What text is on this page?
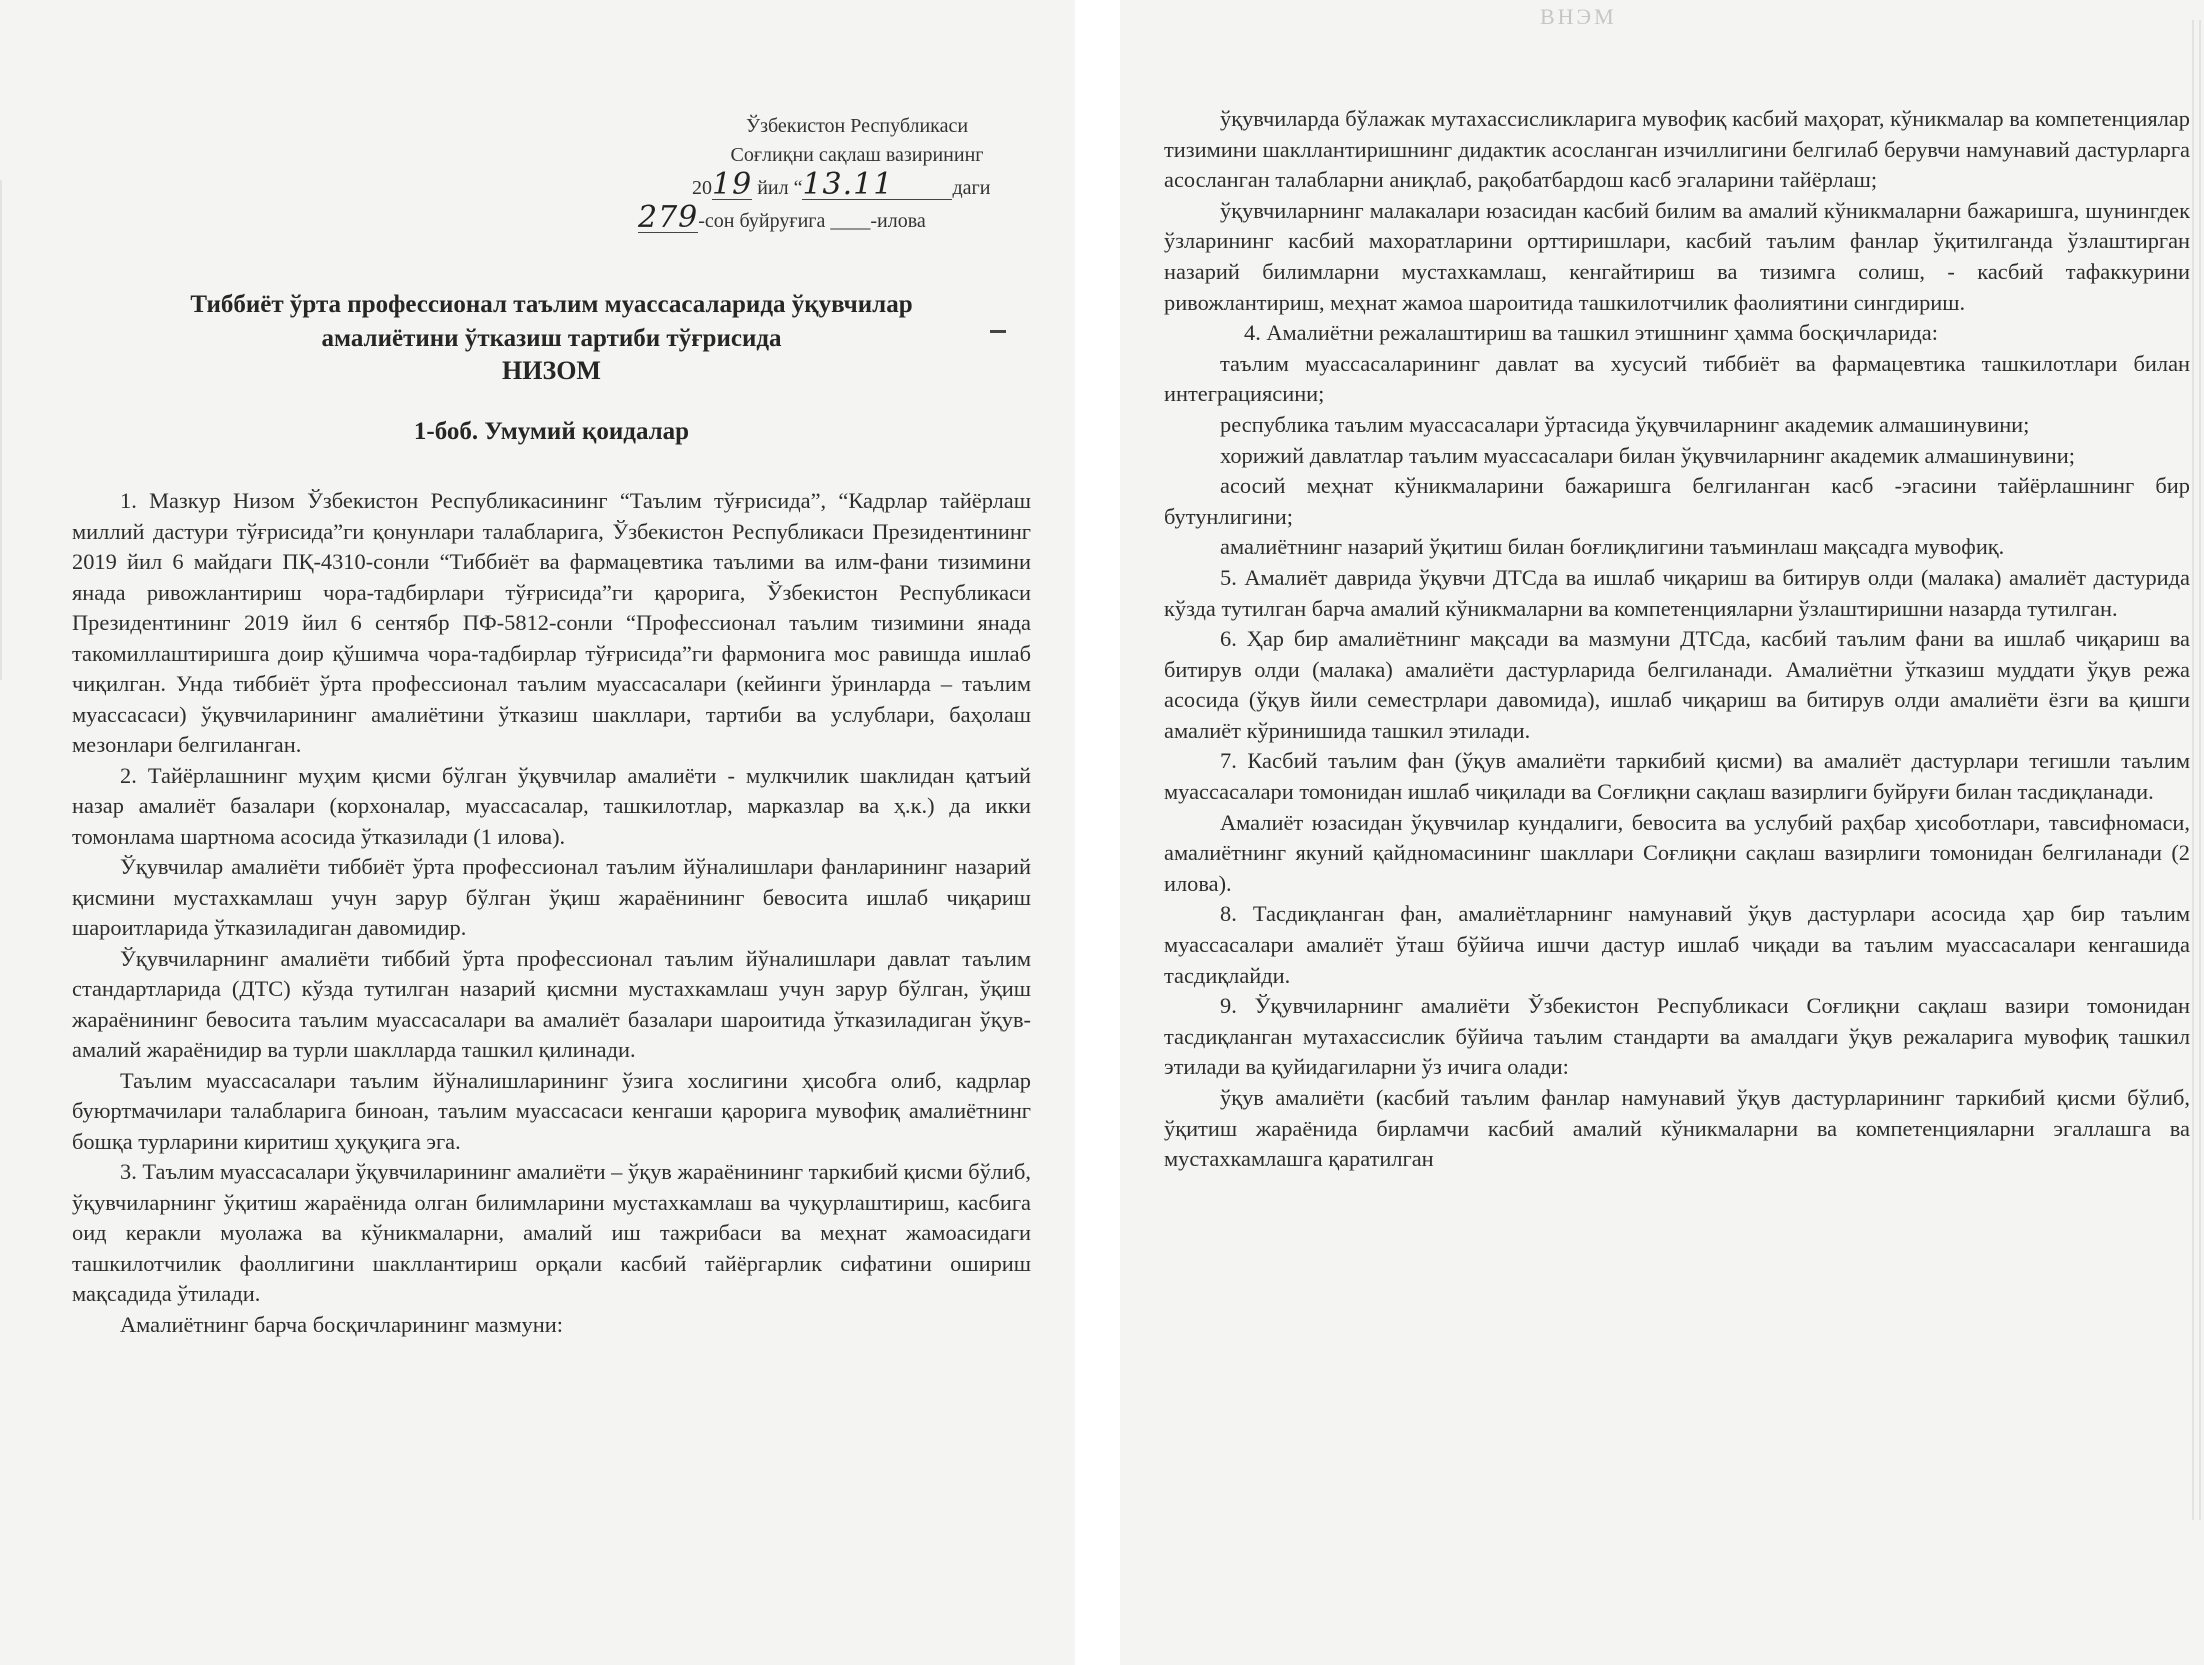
Ўзбекистон Республикаси
Соғлиқни сақлаш вазирининг
2019 йил “13.11	даги
279-сон буйруғига ____-илова
Тиббиёт ўрта профессионал таълим муассасаларида ўқувчилар
амалиётини ўтказиш тартиби тўғрисида
НИЗОМ
1-боб. Умумий қоидалар

1. Мазкур Низом Ўзбекистон Республикасининг “Таълим тўғрисида”, “Кадрлар тайёрлаш миллий дастури тўғрисида”ги қонунлари талабларига, Ўзбекистон Республикаси Президентининг 2019 йил 6 майдаги ПҚ-4310-сонли “Тиббиёт ва фармацевтика таълими ва илм-фани тизимини янада ривожлантириш чора-тадбирлари тўғрисида”ги қарорига, Ўзбекистон Республикаси Президентининг 2019 йил 6 сентябр ПФ-5812-сонли “Профессионал таълим тизимини янада такомиллаштиришга доир қўшимча чора-тадбирлар тўғрисида”ги фармонига мос равишда ишлаб чиқилган. Унда тиббиёт ўрта профессионал таълим муассасалари (кейинги ўринларда – таълим муассасаси) ўқувчиларининг амалиётини ўтказиш шакллари, тартиби ва услублари, баҳолаш мезонлари белгиланган.

2. Тайёрлашнинг муҳим қисми бўлган ўқувчилар амалиёти - мулкчилик шаклидан қатъий назар амалиёт базалари (корхоналар, муассасалар, ташкилотлар, марказлар ва ҳ.к.) да икки томонлама шартнома асосида ўтказилади (1 илова).

Ўқувчилар амалиёти тиббиёт ўрта профессионал таълим йўналишлари фанларининг назарий қисмини мустахкамлаш учун зарур бўлган ўқиш жараёнининг бевосита ишлаб чиқариш шароитларида ўтказиладиган давомидир.

Ўқувчиларнинг амалиёти тиббий ўрта профессионал таълим йўналишлари давлат таълим стандартларида (ДТС) кўзда тутилган назарий қисмни мустахкамлаш учун зарур бўлган, ўқиш жараёнининг бевосита таълим муассасалари ва амалиёт базалари шароитида ўтказиладиган ўқув-амалий жараёнидир ва турли шаклларда ташкил қилинади.

Таълим муассасалари таълим йўналишларининг ўзига хослигини ҳисобга олиб, кадрлар буюртмачилари талабларига биноан, таълим муассасаси кенгаши қарорига мувофиқ амалиётнинг бошқа турларини киритиш ҳуқуқига эга.

3. Таълим муассасалари ўқувчиларининг амалиёти – ўқув жараёнининг таркибий қисми бўлиб, ўқувчиларнинг ўқитиш жараёнида олган билимларини мустахкамлаш ва чуқурлаштириш, касбига оид керакли муолажа ва кўникмаларни, амалий иш тажрибаси ва меҳнат жамоасидаги ташкилотчилик фаоллигини шакллантириш орқали касбий тайёргарлик сифатини ошириш мақсадида ўтилади.

Амалиётнинг барча босқичларининг мазмуни:

ВНЭМ

ўқувчиларда бўлажак мутахассисликларига мувофиқ касбий маҳорат, кўникмалар ва компетенциялар тизимини шакллантиришнинг дидактик асосланган изчиллигини белгилаб берувчи намунавий дастурларга асосланган талабларни аниқлаб, рақобатбардош касб эгаларини тайёрлаш;

ўқувчиларнинг малакалари юзасидан касбий билим ва амалий кўникмаларни бажаришга, шунингдек ўзларининг касбий махоратларини орттиришлари, касбий таълим фанлар ўқитилганда ўзлаштирган назарий билимларни мустахкамлаш, кенгайтириш ва тизимга солиш, - касбий тафаккурини ривожлантириш, меҳнат жамоа шароитида ташкилотчилик фаолиятини сингдириш.

4. Амалиётни режалаштириш ва ташкил этишнинг ҳамма босқичларида:

таълим муассасаларининг давлат ва хусусий тиббиёт ва фармацевтика ташкилотлари билан интеграциясини;

республика таълим муассасалари ўртасида ўқувчиларнинг академик алмашинувини;

хорижий давлатлар таълим муассасалари билан ўқувчиларнинг академик алмашинувини;

асосий меҳнат кўникмаларини бажаришга белгиланган касб -эгасини тайёрлашнинг бир бутунлигини;

амалиётнинг назарий ўқитиш билан боғлиқлигини таъминлаш мақсадга мувофиқ.

5. Амалиёт даврида ўқувчи ДТСда ва ишлаб чиқариш ва битирув олди (малака) амалиёт дастурида кўзда тутилган барча амалий кўникмаларни ва компетенцияларни ўзлаштиришни назарда тутилган.

6. Ҳар бир амалиётнинг мақсади ва мазмуни ДТСда, касбий таълим фани ва ишлаб чиқариш ва битирув олди (малака) амалиёти дастурларида белгиланади. Амалиётни ўтказиш муддати ўқув режа асосида (ўқув йили семестрлари давомида), ишлаб чиқариш ва битирув олди амалиёти ёзги ва қишги амалиёт кўринишида ташкил этилади.

7. Касбий таълим фан (ўқув амалиёти таркибий қисми) ва амалиёт дастурлари тегишли таълим муассасалари томонидан ишлаб чиқилади ва Соғлиқни сақлаш вазирлиги буйруғи билан тасдиқланади.

Амалиёт юзасидан ўқувчилар кундалиги, бевосита ва услубий раҳбар ҳисоботлари, тавсифномаси, амалиётнинг якуний қайдномасининг шакллари Соғлиқни сақлаш вазирлиги томонидан белгиланади (2 илова).

8. Тасдиқланган фан, амалиётларнинг намунавий ўқув дастурлари асосида ҳар бир таълим муассасалари амалиёт ўташ бўйича ишчи дастур ишлаб чиқади ва таълим муассасалари кенгашида тасдиқлайди.

9. Ўқувчиларнинг амалиёти Ўзбекистон Республикаси Соғлиқни сақлаш вазири томонидан тасдиқланган мутахассислик бўйича таълим стандарти ва амалдаги ўқув режаларига мувофиқ ташкил этилади ва қуйидагиларни ўз ичига олади:

ўқув амалиёти (касбий таълим фанлар намунавий ўқув дастурларининг таркибий қисми бўлиб, ўқитиш жараёнида бирламчи касбий амалий кўникмаларни ва компетенцияларни эгаллашга ва мустахкамлашга қаратилган
